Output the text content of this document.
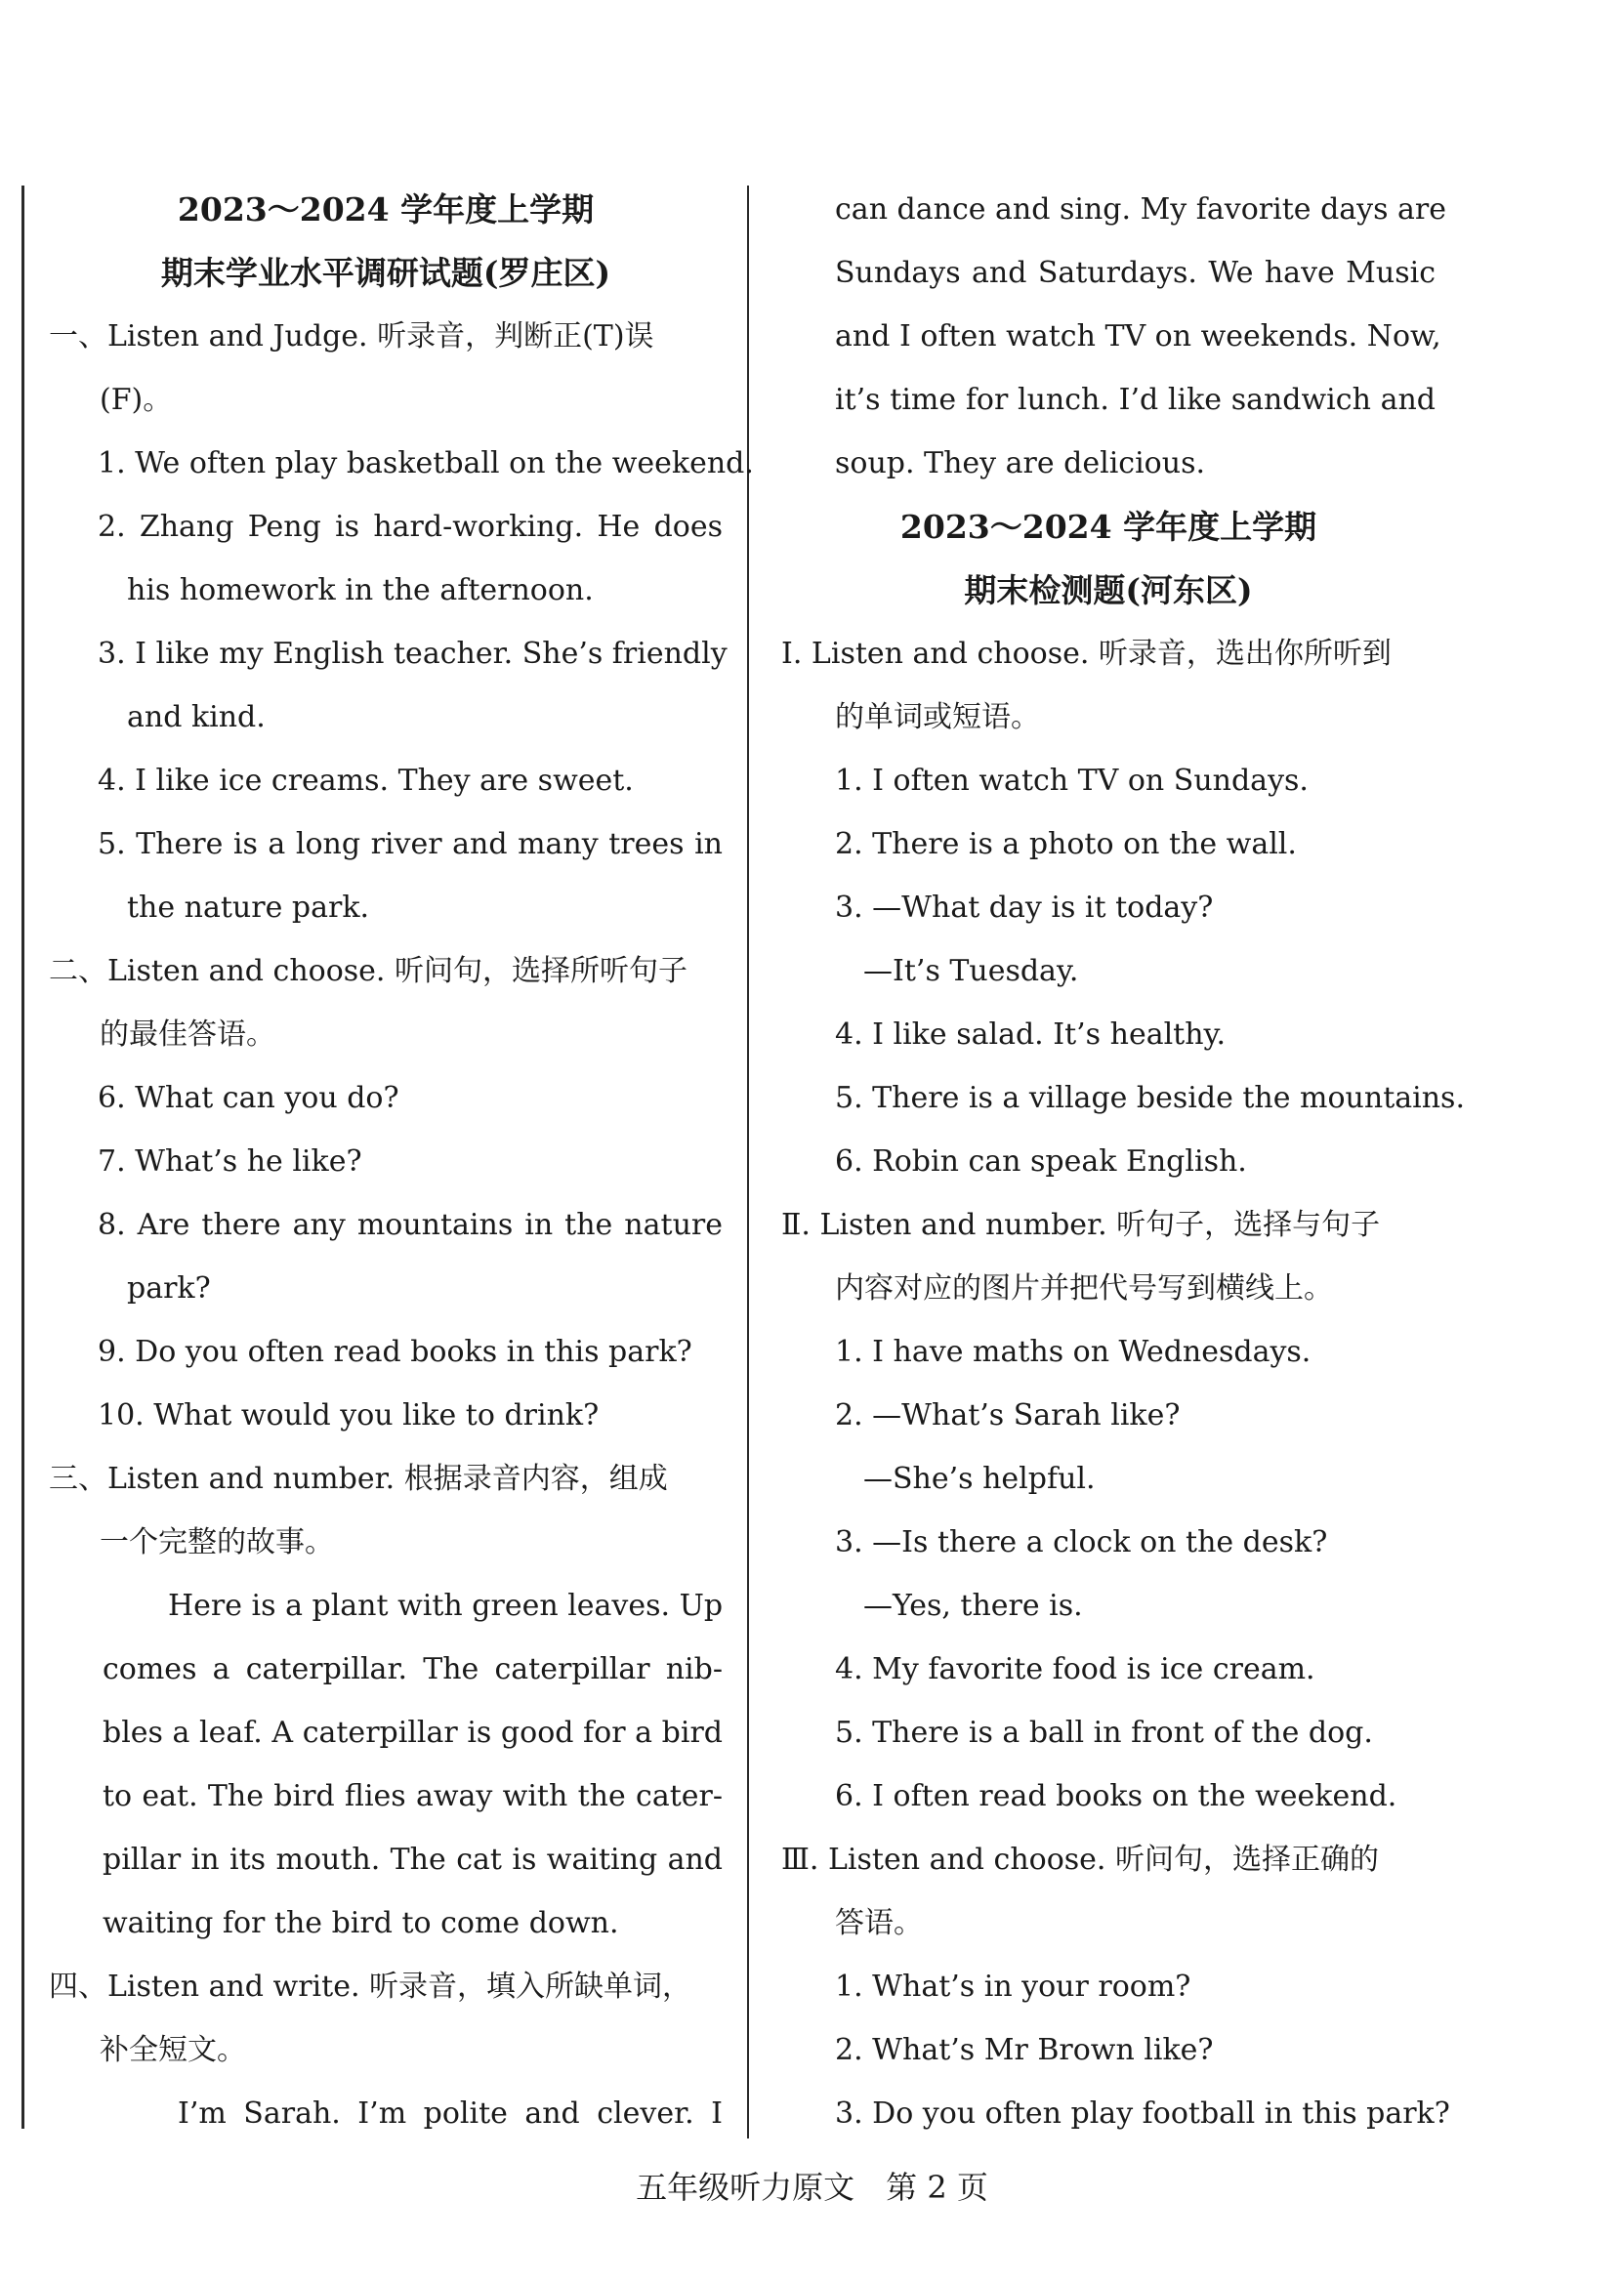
2023～2024 学年度上学期
期末学业水平调研试题(罗庄区)
一、Listen and Judge. 听录音，判断正(T)误
(F)。
1. We often play basketball on the weekend.
2. Zhang Peng is hard-working. He does
his homework in the afternoon.
3. I like my English teacher. She’s friendly
and kind.
4. I like ice creams. They are sweet.
5. There is a long river and many trees in
the nature park.
二、Listen and choose. 听问句，选择所听句子
的最佳答语。
6. What can you do?
7. What’s he like?
8. Are there any mountains in the nature
park?
9. Do you often read books in this park?
10. What would you like to drink?
三、Listen and number. 根据录音内容，组成
一个完整的故事。
Here is a plant with green leaves. Up
comes a caterpillar. The caterpillar nib-
bles a leaf. A caterpillar is good for a bird
to eat. The bird flies away with the cater-
pillar in its mouth. The cat is waiting and
waiting for the bird to come down.
四、Listen and write. 听录音，填入所缺单词，
补全短文。
I’m Sarah. I’m polite and clever. I
can dance and sing. My favorite days are
Sundays and Saturdays. We have Music
and I often watch TV on weekends. Now,
it’s time for lunch. I’d like sandwich and
soup. They are delicious.
2023～2024 学年度上学期
期末检测题(河东区)
Ⅰ. Listen and choose. 听录音，选出你所听到
的单词或短语。
1. I often watch TV on Sundays.
2. There is a photo on the wall.
3. —What day is it today?
—It’s Tuesday.
4. I like salad. It’s healthy.
5. There is a village beside the mountains.
6. Robin can speak English.
Ⅱ. Listen and number. 听句子，选择与句子
内容对应的图片并把代号写到横线上。
1. I have maths on Wednesdays.
2. —What’s Sarah like?
—She’s helpful.
3. —Is there a clock on the desk?
—Yes, there is.
4. My favorite food is ice cream.
5. There is a ball in front of the dog.
6. I often read books on the weekend.
Ⅲ. Listen and choose. 听问句，选择正确的
答语。
1. What’s in your room?
2. What’s Mr Brown like?
3. Do you often play football in this park?
五年级听力原文　第 2 页
